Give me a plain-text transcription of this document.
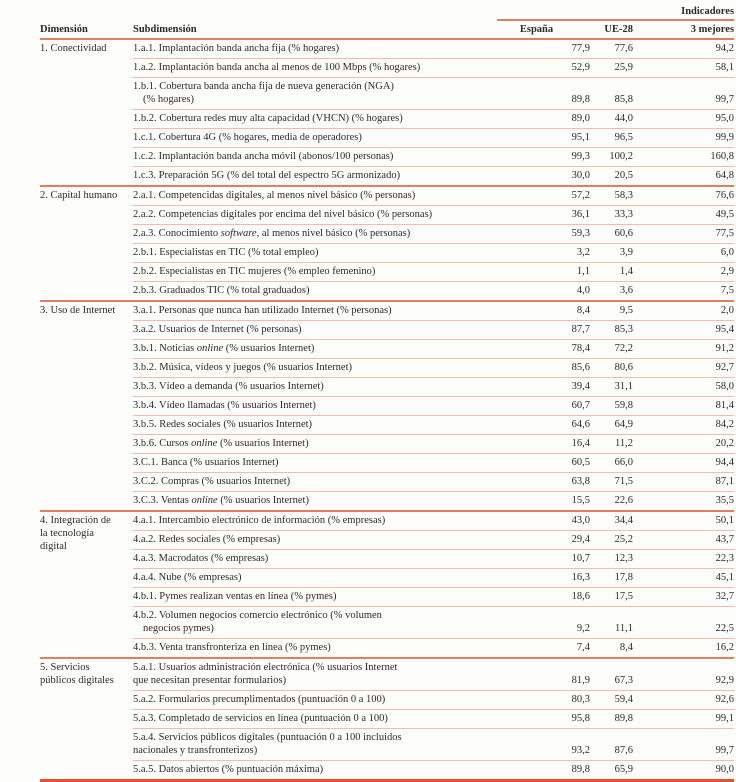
		Indicadores		
Dimensión	Subdimensión	España	UE-28	3 mejores
1. Conectividad	1.a.1. Implantación banda ancha fija (% hogares)	77,9	77,6	94,2
	1.a.2. Implantación banda ancha al menos de 100 Mbps (% hogares)	52,9	25,9	58,1
	1.b.1. Cobertura banda ancha fija de nueva generación (NGA)
(% hogares)	89,8	85,8	99,7
	1.b.2. Cobertura redes muy alta capacidad (VHCN) (% hogares)	89,0	44,0	95,0
	1.c.1. Cobertura 4G (% hogares, media de operadores)	95,1	96,5	99,9
	1.c.2. Implantación banda ancha móvil (abonos/100 personas)	99,3	100,2	160,8
	1.c.3. Preparación 5G (% del total del espectro 5G armonizado)	30,0	20,5	64,8
2. Capital humano	2.a.1. Competencidas digitales, al menos nivel básico (% personas)	57,2	58,3	76,6
	2.a.2. Competencias digitales por encima del nivel básico (% personas)	36,1	33,3	49,5
	2.a.3. Conocimiento software, al menos nivel básico (% personas)	59,3	60,6	77,5
	2.b.1. Especialistas en TIC (% total empleo)	3,2	3,9	6,0
	2.b.2. Especialistas en TIC mujeres (% empleo femenino)	1,1	1,4	2,9
	2.b.3. Graduados TIC (% total graduados)	4,0	3,6	7,5
3. Uso de Internet	3.a.1. Personas que nunca han utilizado Internet (% personas)	8,4	9,5	2,0
	3.a.2. Usuarios de Internet (% personas)	87,7	85,3	95,4
	3.b.1. Noticias online (% usuarios Internet)	78,4	72,2	91,2
	3.b.2. Música, vídeos y juegos (% usuarios Internet)	85,6	80,6	92,7
	3.b.3. Vídeo a demanda (% usuarios Internet)	39,4	31,1	58,0
	3.b.4. Vídeo llamadas (% usuarios Internet)	60,7	59,8	81,4
	3.b.5. Redes sociales (% usuarios Internet)	64,6	64,9	84,2
	3.b.6. Cursos online (% usuarios Internet)	16,4	11,2	20,2
	3.C.1. Banca (% usuarios Internet)	60,5	66,0	94,4
	3.C.2. Compras (% usuarios Internet)	63,8	71,5	87,1
	3.C.3. Ventas online (% usuarios Internet)	15,5	22,6	35,5
4. Integración de la tecnología digital	4.a.1. Intercambio electrónico de información (% empresas)	43,0	34,4	50,1
	4.a.2. Redes sociales (% empresas)	29,4	25,2	43,7
	4.a.3. Macrodatos (% empresas)	10,7	12,3	22,3
	4.a.4. Nube (% empresas)	16,3	17,8	45,1
	4.b.1. Pymes realizan ventas en línea (% pymes)	18,6	17,5	32,7
	4.b.2. Volumen negocios comercio electrónico (% volumen
negocios pymes)	9,2	11,1	22,5
	4.b.3. Venta transfronteriza en línea (% pymes)	7,4	8,4	16,2
5. Servicios públicos digitales	5.a.1. Usuarios administración electrónica (% usuarios Internet
que necesitan presentar formularios)	81,9	67,3	92,9
	5.a.2. Formularios precumplimentados (puntuación 0 a 100)	80,3	59,4	92,6
	5.a.3. Completado de servicios en línea (puntuación 0 a 100)	95,8	89,8	99,1
	5.a.4. Servicios públicos digitales (puntuación 0 a 100 incluidos
nacionales y transfronterizos)	93,2	87,6	99,7
	5.a.5. Datos abiertos (% puntuación máxima)	89,8	65,9	90,0
